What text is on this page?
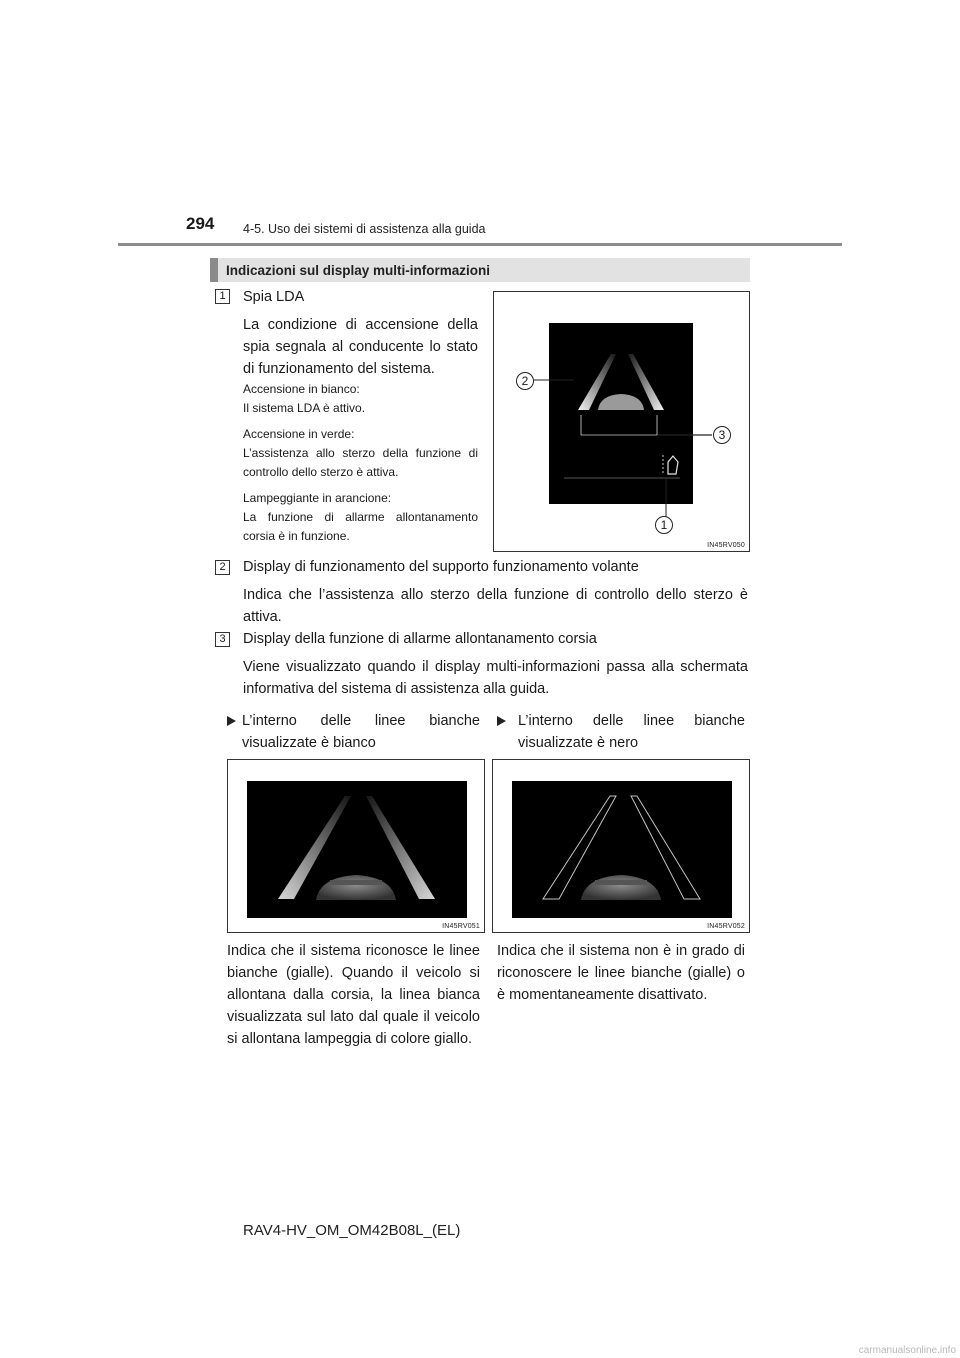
294 4-5. Uso dei sistemi di assistenza alla guida
Indicazioni sul display multi-informazioni
1	Spia LDA
La condizione di accensione della spia segnala al conducente lo stato di funzionamento del sistema.
Accensione in bianco:
Il sistema LDA è attivo.
Accensione in verde:
L’assistenza allo sterzo della funzione di controllo dello sterzo è attiva.
Lampeggiante in arancione:
La funzione di allarme allontanamento corsia è in funzione.
2
3
1
IN45RV050
2	Display di funzionamento del supporto funzionamento volante
Indica che l’assistenza allo sterzo della funzione di controllo dello sterzo è attiva.
3	Display della funzione di allarme allontanamento corsia
Viene visualizzato quando il display multi-informazioni passa alla schermata informativa del sistema di assistenza alla guida.
L’interno delle linee bianche visualizzate è bianco
IN45RV051
Indica che il sistema riconosce le linee bianche (gialle). Quando il veicolo si allontana dalla corsia, la linea bianca visualizzata sul lato dal quale il veicolo si allontana lampeggia di colore giallo.
L’interno delle linee bianche visualizzate è nero
IN45RV052
Indica che il sistema non è in grado di riconoscere le linee bianche (gialle) o è momentaneamente disattivato.
RAV4-HV_OM_OM42B08L_(EL)
carmanualsonline.info
